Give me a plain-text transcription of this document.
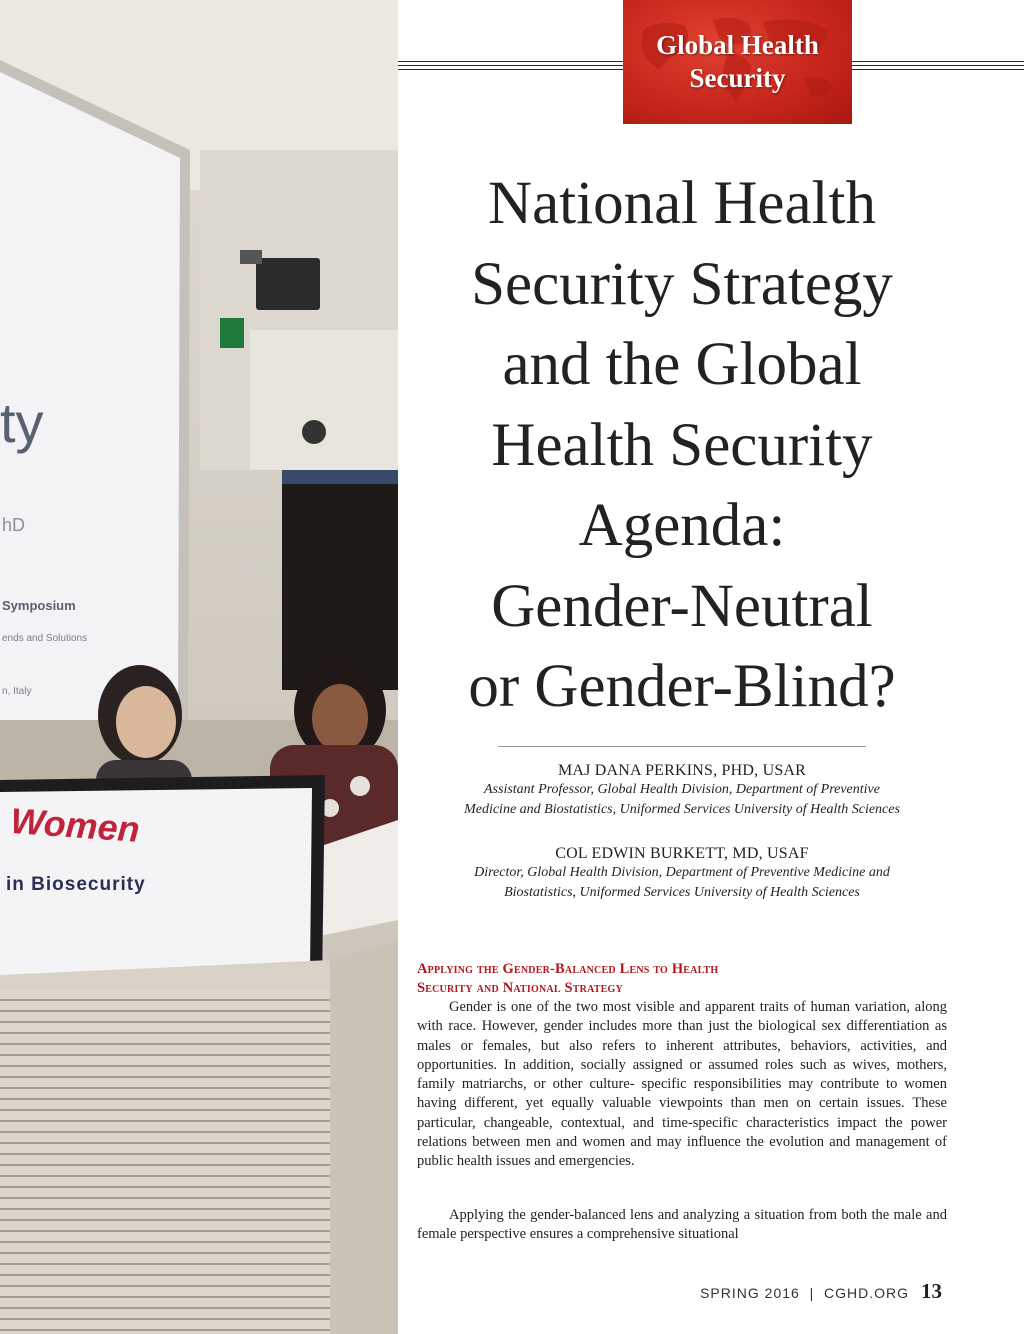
ty
hD
Symposium
ends and Solutions
n, Italy
Women
in Biosecurity
Global Health
Security
National Health
Security Strategy
and the Global
Health Security
Agenda:
Gender-Neutral
or Gender-Blind?
MAJ DANA PERKINS, PHD, USAR
Assistant Professor, Global Health Division, Department of Preventive
Medicine and Biostatistics, Uniformed Services University of Health Sciences
COL EDWIN BURKETT, MD, USAF
Director, Global Health Division, Department of Preventive Medicine and
Biostatistics, Uniformed Services University of Health Sciences
Applying the Gender-Balanced Lens to Health
Security and National Strategy

Gender is one of the two most visible and apparent traits of human variation, along with race. However, gender includes more than just the biological sex differentiation as males or females, but also refers to inherent attributes, behaviors, activities, and opportunities. In addition, socially assigned or assumed roles such as wives, mothers, family matriarchs, or other culture- specific responsibilities may contribute to women having different, yet equally valuable viewpoints than men on certain issues. These particular, changeable, contextual, and time-specific characteristics impact the power relations between men and women and may influence the evolution and management of public health issues and emergencies.

Applying the gender-balanced lens and analyzing a situation from both the male and female perspective ensures a comprehensive situational

SPRING 2016  |  CGHD.ORG 13
